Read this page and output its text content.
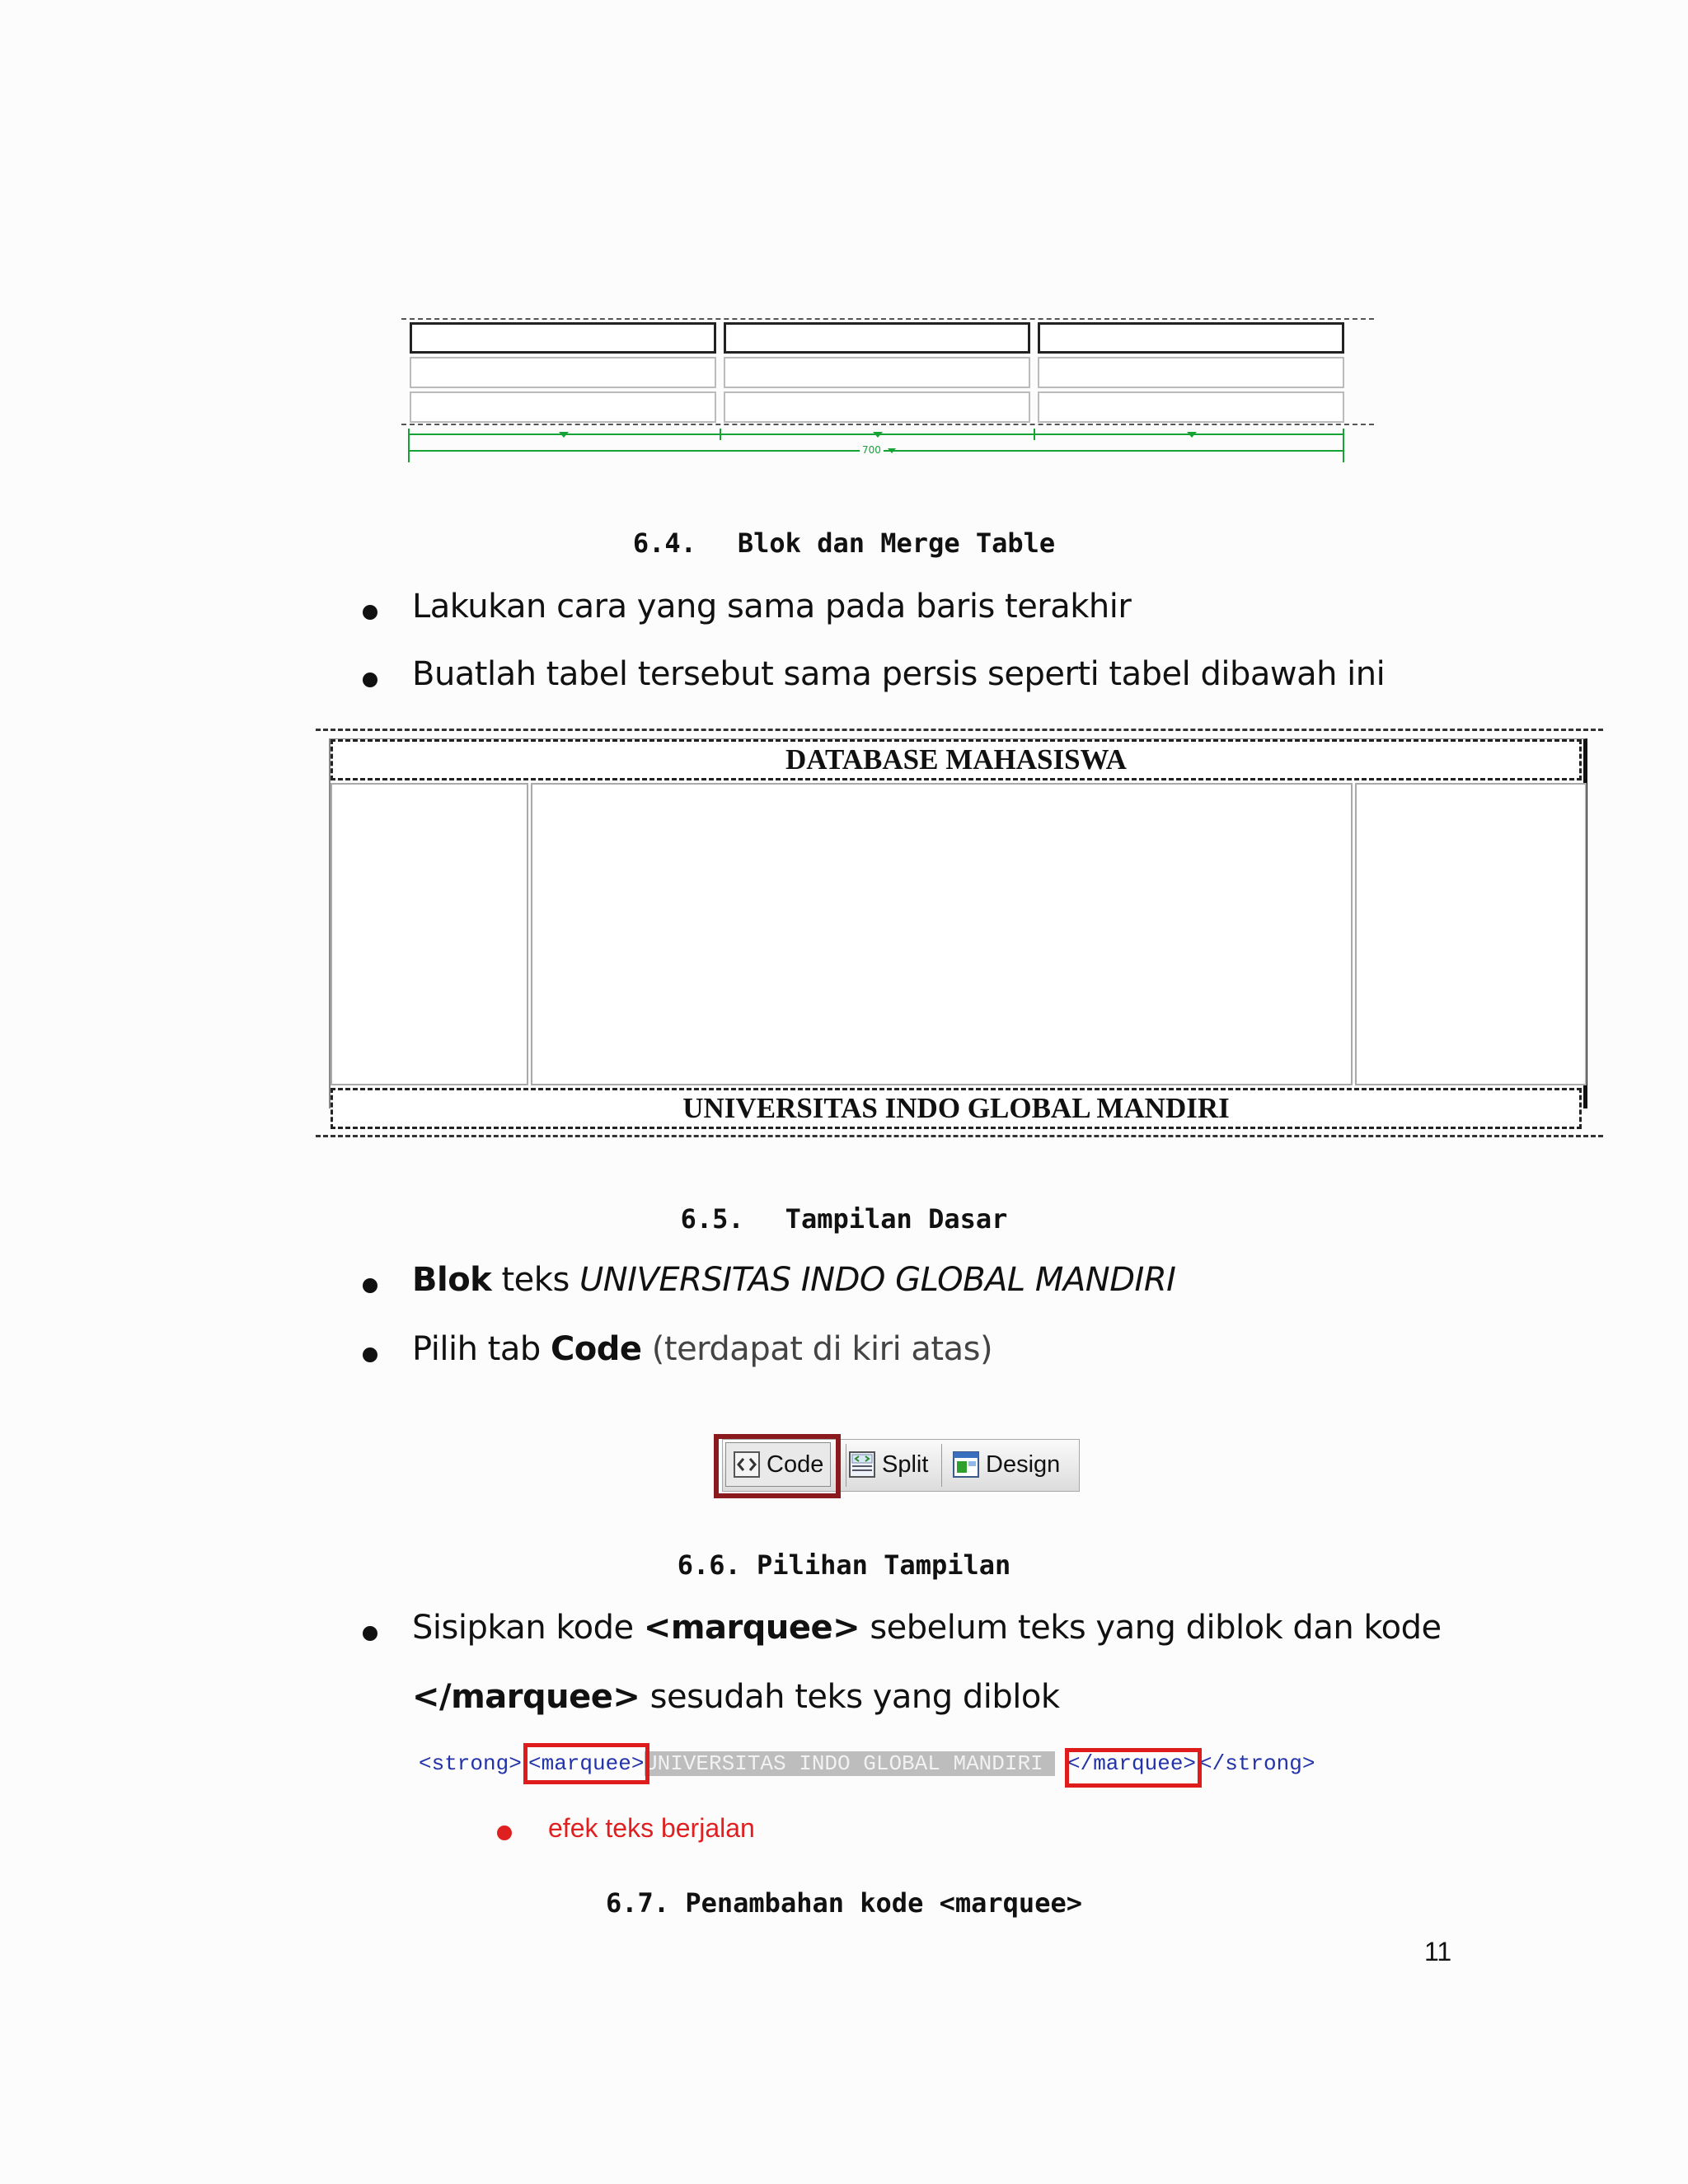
700
6.4. Blok dan Merge Table
Lakukan cara yang sama pada baris terakhir
Buatlah tabel tersebut sama persis seperti tabel dibawah ini
DATABASE MAHASISWA
UNIVERSITAS INDO GLOBAL MANDIRI
6.5. Tampilan Dasar
Blok teks UNIVERSITAS INDO GLOBAL MANDIRI
Pilih tab Code (terdapat di kiri atas)
Code Split Design
6.6. Pilihan Tampilan
Sisipkan kode <marquee> sebelum teks yang diblok dan kode
</marquee> sesudah teks yang diblok
<strong> <marquee> UNIVERSITAS INDO GLOBAL MANDIRI	</marquee> </strong>
efek teks berjalan
6.7. Penambahan kode <marquee>
11
